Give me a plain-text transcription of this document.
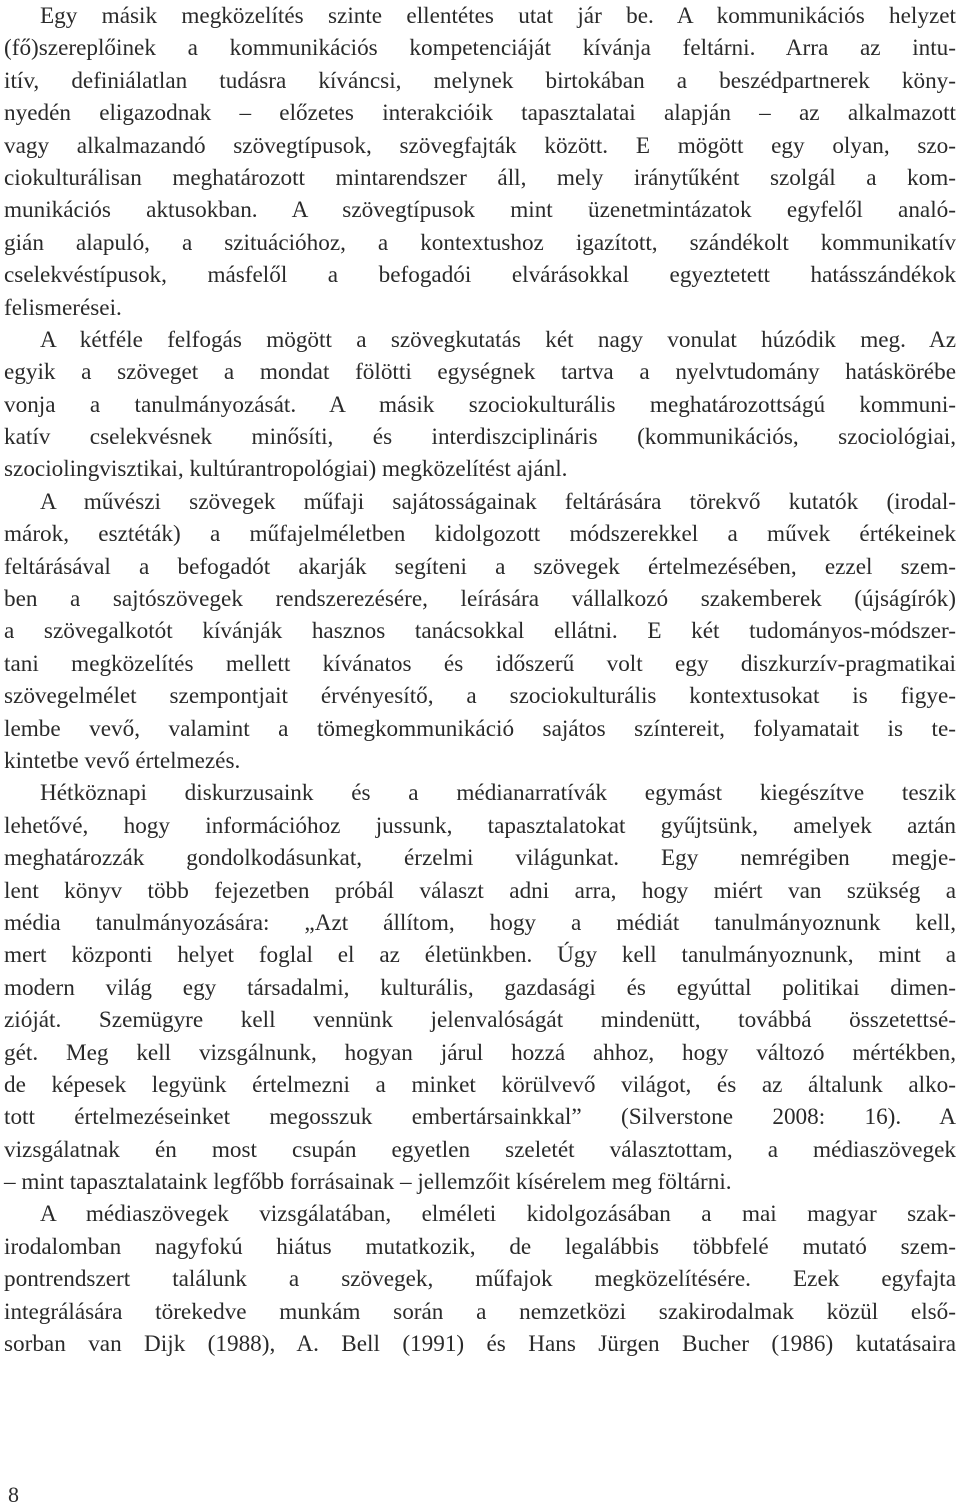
Egy másik megközelítés szinte ellentétes utat jár be. A kommunikációs helyzet
(fő)szereplőinek a kommunikációs kompetenciáját kívánja feltárni. Arra az intu-
itív, definiálatlan tudásra kíváncsi, melynek birtokában a beszédpartnerek köny-
nyedén eligazodnak – előzetes interakcióik tapasztalatai alapján – az alkalmazott
vagy alkalmazandó szövegtípusok, szövegfajták között. E mögött egy olyan, szo-
ciokulturálisan meghatározott mintarendszer áll, mely iránytűként szolgál a kom-
munikációs aktusokban. A szövegtípusok mint üzenetmintázatok egyfelől analó-
gián alapuló, a szituációhoz, a kontextushoz igazított, szándékolt kommunikatív
cselekvéstípusok, másfelől a befogadói elvárásokkal egyeztetett hatásszándékok
felismerései.
A kétféle felfogás mögött a szövegkutatás két nagy vonulat húzódik meg. Az
egyik a szöveget a mondat fölötti egységnek tartva a nyelvtudomány hatáskörébe
vonja a tanulmányozását. A másik szociokulturális meghatározottságú kommuni-
katív cselekvésnek minősíti, és interdiszciplináris (kommunikációs, szociológiai,
szociolingvisztikai, kultúrantropológiai) megközelítést ajánl.
A művészi szövegek műfaji sajátosságainak feltárására törekvő kutatók (irodal-
márok, esztéták) a műfajelméletben kidolgozott módszerekkel a művek értékeinek
feltárásával a befogadót akarják segíteni a szövegek értelmezésében, ezzel szem-
ben a sajtószövegek rendszerezésére, leírására vállalkozó szakemberek (újságírók)
a szövegalkotót kívánják hasznos tanácsokkal ellátni. E két tudományos-módszer-
tani megközelítés mellett kívánatos és időszerű volt egy diszkurzív-pragmatikai
szövegelmélet szempontjait érvényesítő, a szociokulturális kontextusokat is figye-
lembe vevő, valamint a tömegkommunikáció sajátos színtereit, folyamatait is te-
kintetbe vevő értelmezés.
Hétköznapi diskurzusaink és a médianarratívák egymást kiegészítve teszik
lehetővé, hogy információhoz jussunk, tapasztalatokat gyűjtsünk, amelyek aztán
meghatározzák gondolkodásunkat, érzelmi világunkat. Egy nemrégiben megje-
lent könyv több fejezetben próbál választ adni arra, hogy miért van szükség a
média tanulmányozására: „Azt állítom, hogy a médiát tanulmányoznunk kell,
mert központi helyet foglal el az életünkben. Úgy kell tanulmányoznunk, mint a
modern világ egy társadalmi, kulturális, gazdasági és egyúttal politikai dimen-
zióját. Szemügyre kell vennünk jelenvalóságát mindenütt, továbbá összetettsé-
gét. Meg kell vizsgálnunk, hogyan járul hozzá ahhoz, hogy változó mértékben,
de képesek legyünk értelmezni a minket körülvevő világot, és az általunk alko-
tott értelmezéseinket megosszuk embertársainkkal” (Silverstone 2008: 16). A
vizsgálatnak én most csupán egyetlen szeletét választottam, a médiaszövegek
– mint tapasztalataink legfőbb forrásainak – jellemzőit kísérelem meg föltárni.
A médiaszövegek vizsgálatában, elméleti kidolgozásában a mai magyar szak-
irodalomban nagyfokú hiátus mutatkozik, de legalábbis többfelé mutató szem-
pontrendszert találunk a szövegek, műfajok megközelítésére. Ezek egyfajta
integrálására törekedve munkám során a nemzetközi szakirodalmak közül első-
sorban van Dijk (1988), A. Bell (1991) és Hans Jürgen Bucher (1986) kutatásaira
8
